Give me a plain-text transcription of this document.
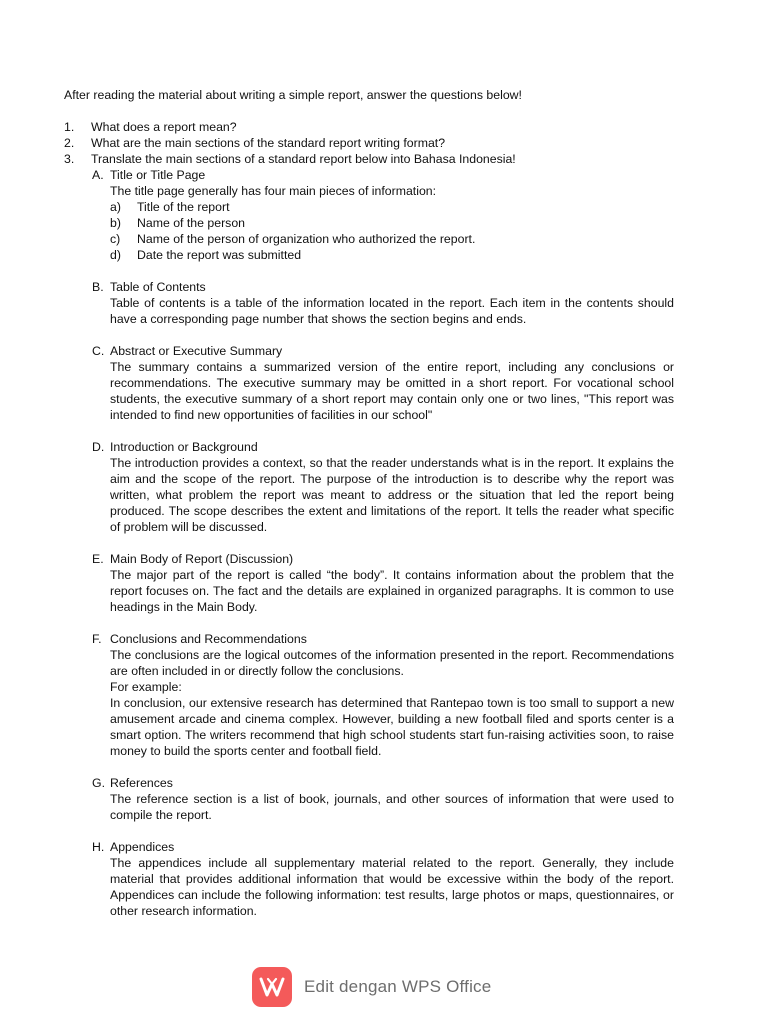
After reading the material about writing a simple report, answer the questions below!
1. What does a report mean?
2. What are the main sections of the standard report writing format?
3. Translate the main sections of a standard report below into Bahasa Indonesia!
A. Title or Title Page
The title page generally has four main pieces of information:
a) Title of the report
b) Name of the person
c) Name of the person of organization who authorized the report.
d) Date the report was submitted
B. Table of Contents
Table of contents is a table of the information located in the report. Each item in the contents should have a corresponding page number that shows the section begins and ends.
C. Abstract or Executive Summary
The summary contains a summarized version of the entire report, including any conclusions or recommendations. The executive summary may be omitted in a short report. For vocational school students, the executive summary of a short report may contain only one or two lines, "This report was intended to find new opportunities of facilities in our school"
D. Introduction or Background
The introduction provides a context, so that the reader understands what is in the report. It explains the aim and the scope of the report. The purpose of the introduction is to describe why the report was written, what problem the report was meant to address or the situation that led the report being produced. The scope describes the extent and limitations of the report. It tells the reader what specific of problem will be discussed.
E. Main Body of Report (Discussion)
The major part of the report is called “the body”. It contains information about the problem that the report focuses on. The fact and the details are explained in organized paragraphs. It is common to use headings in the Main Body.
F. Conclusions and Recommendations
The conclusions are the logical outcomes of the information presented in the report. Recommendations are often included in or directly follow the conclusions.
For example:
In conclusion, our extensive research has determined that Rantepao town is too small to support a new amusement arcade and cinema complex. However, building a new football filed and sports center is a smart option. The writers recommend that high school students start fun-raising activities soon, to raise money to build the sports center and football field.
G. References
The reference section is a list of book, journals, and other sources of information that were used to compile the report.
H. Appendices
The appendices include all supplementary material related to the report. Generally, they include material that provides additional information that would be excessive within the body of the report. Appendices can include the following information: test results, large photos or maps, questionnaires, or other research information.
Edit dengan WPS Office
